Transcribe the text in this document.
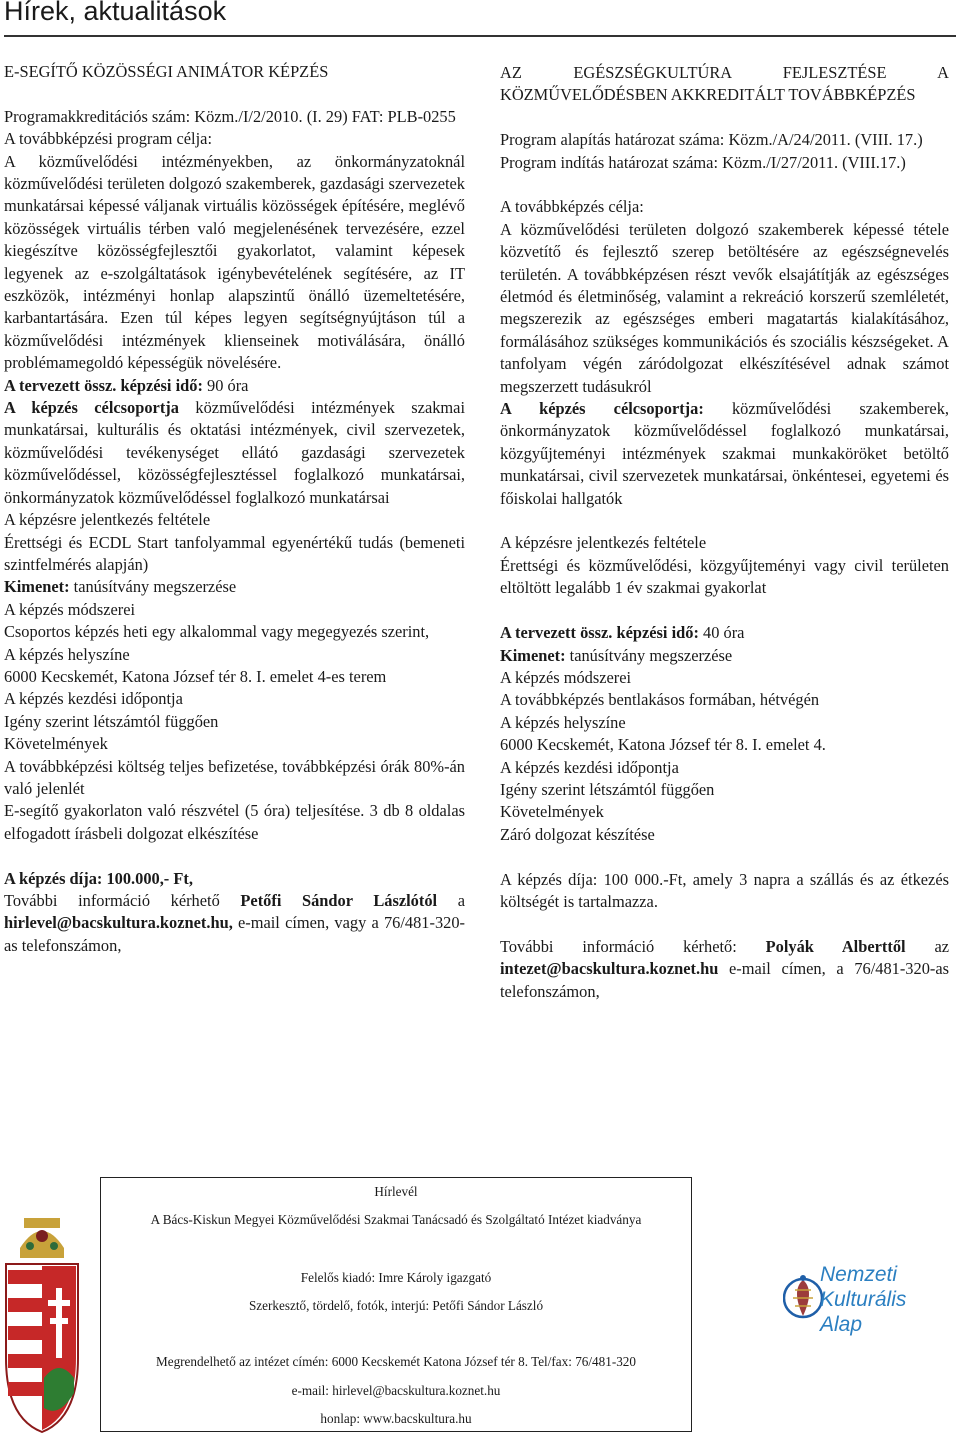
Hírek, aktualitások

E-SEGÍTŐ KÖZÖSSÉGI ANIMÁTOR KÉPZÉS

Programakkreditációs szám: Közm./I/2/2010. (I. 29) FAT: PLB-0255

A továbbképzési program célja:

A közművelődési intézményekben, az önkormányzatoknál közművelődési területen dolgozó szakemberek, gazdasági szervezetek munkatársai képessé váljanak virtuális közösségek építésére, meglévő közösségek virtuális térben való megjelenésének tervezésére, ezzel kiegészítve közösségfejlesztői gyakorlatot, valamint képesek legyenek az e-szolgáltatások igénybevételének segítésére, az IT eszközök, intézményi honlap alapszintű önálló üzemeltetésére, karbantartására. Ezen túl képes legyen segítségnyújtáson túl a közművelődési intézmények klienseinek motiválására, önálló problémamegoldó képességük növelésére.

A tervezett össz. képzési idő: 90 óra

A képzés célcsoportja közművelődési intézmények szakmai munkatársai, kulturális és oktatási intézmények, civil szervezetek, közművelődési tevékenységet ellátó gazdasági szervezetek közművelődéssel, közösségfejlesztéssel foglalkozó munkatársai, önkormányzatok közművelődéssel foglalkozó munkatársai

A képzésre jelentkezés feltétele

Érettségi és ECDL Start tanfolyammal egyenértékű tudás (bemeneti szintfelmérés alapján)

Kimenet: tanúsítvány megszerzése

A képzés módszerei

Csoportos képzés heti egy alkalommal vagy megegyezés szerint,

A képzés helyszíne

6000 Kecskemét, Katona József tér 8. I. emelet 4-es terem

A képzés kezdési időpontja

Igény szerint létszámtól függően

Követelmények

A továbbképzési költség teljes befizetése, továbbképzési órák 80%-án való jelenlét

E-segítő gyakorlaton való részvétel (5 óra) teljesítése. 3 db 8 oldalas elfogadott írásbeli dolgozat elkészítése

A képzés díja: 100.000,- Ft,

További információ kérhető Petőfi Sándor Lászlótól a hirlevel@bacskultura.koznet.hu, e-mail címen, vagy a 76/481-320-as telefonszámon,

AZ EGÉSZSÉGKULTÚRA FEJLESZTÉSE A KÖZMŰVELŐDÉSBEN AKKREDITÁLT TOVÁBBKÉPZÉS

Program alapítás határozat száma: Közm./A/24/2011. (VIII. 17.)

Program indítás határozat száma: Közm./I/27/2011. (VIII.17.)

A továbbképzés célja:

A közművelődési területen dolgozó szakemberek képessé tétele közvetítő és fejlesztő szerep betöltésére az egészségnevelés területén. A továbbképzésen részt vevők elsajátítják az egészséges életmód és életminőség, valamint a rekreáció korszerű szemléletét, megszerezik az egészséges emberi magatartás kialakításához, formálásához szükséges kommunikációs és szociális készségeket. A tanfolyam végén záródolgozat elkészítésével adnak számot megszerzett tudásukról

A képzés célcsoportja: közművelődési szakemberek, önkormányzatok közművelődéssel foglalkozó munkatársai, közgyűjteményi intézmények szakmai munkaköröket betöltő munkatársai, civil szervezetek munkatársai, önkéntesei, egyetemi és főiskolai hallgatók

A képzésre jelentkezés feltétele

Érettségi és közművelődési, közgyűjteményi vagy civil területen eltöltött legalább 1 év szakmai gyakorlat

A tervezett össz. képzési idő: 40 óra

Kimenet: tanúsítvány megszerzése

A képzés módszerei

A továbbképzés bentlakásos formában, hétvégén

A képzés helyszíne

6000 Kecskemét, Katona József tér 8. I. emelet 4.

A képzés kezdési időpontja

Igény szerint létszámtól függően

Követelmények

Záró dolgozat készítése

A képzés díja: 100 000.-Ft, amely 3 napra a szállás és az étkezés költségét is tartalmazza.

További információ kérhető: Polyák Alberttől az intezet@bacskultura.koznet.hu e-mail címen, a 76/481-320-as telefonszámon,

Hírlevél
A Bács-Kiskun Megyei Közművelődési Szakmai Tanácsadó és Szolgáltató Intézet kiadványa
Felelős kiadó: Imre Károly igazgató
Szerkesztő, tördelő, fotók, interjú: Petőfi Sándor László
Megrendelhető az intézet címén: 6000 Kecskemét Katona József tér 8. Tel/fax: 76/481-320
e-mail: hirlevel@bacskultura.koznet.hu
honlap: www.bacskultura.hu
Nemzeti
Kulturális
Alap
